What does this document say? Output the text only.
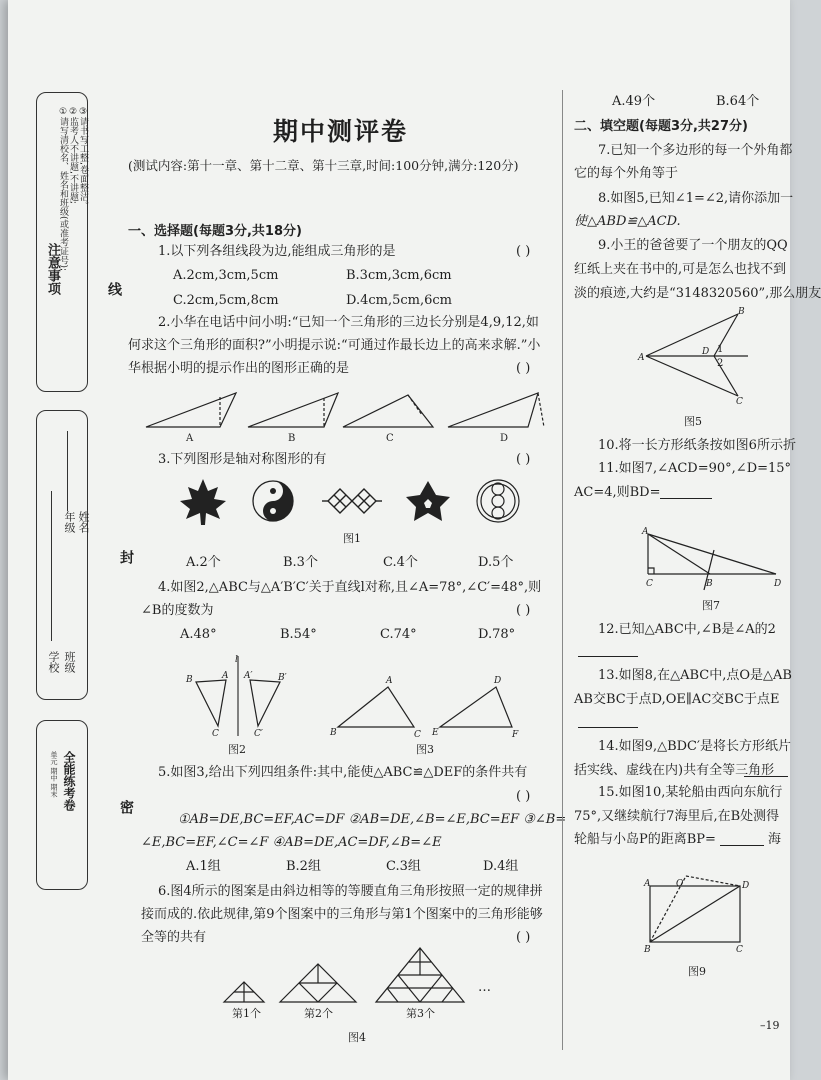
注意事项
①请写清校名、姓名和班级(或准考证号); ②监考人不讲题,不讲题; ③请书写工整,卷面整洁。
学校 班级
年级 姓名
线
封
密
全能练考卷
单元 期中 期末
期中测评卷
(测试内容:第十一章、第十二章、第十三章,时间:100分钟,满分:120分)
一、选择题(每题3分,共18分)
1.以下列各组线段为边,能组成三角形的是	( )
A.2cm,3cm,5cm	B.3cm,3cm,6cm
C.2cm,5cm,8cm	D.4cm,5cm,6cm
2.小华在电话中问小明:“已知一个三角形的三边长分别是4,9,12,如
何求这个三角形的面积?”小明提示说:“可通过作最长边上的高来求解.”小
华根据小明的提示作出的图形正确的是	( )
A	B	C	D
3.下列图形是轴对称图形的有	( )
图1
A.2个	B.3个	C.4个	D.5个
4.如图2,△ABC与△A′B′C′关于直线l对称,且∠A=78°,∠C′=48°,则
∠B的度数为	( )
A.48°	B.54°	C.74°	D.78°
l
B	A
C
A′	B′
C′
图2
B
A
C E
D
F
图3
5.如图3,给出下列四组条件:其中,能使△ABC≌△DEF的条件共有
( )
①AB=DE,BC=EF,AC=DF ②AB=DE,∠B=∠E,BC=EF ③∠B=
∠E,BC=EF,∠C=∠F ④AB=DE,AC=DF,∠B=∠E
A.1组	B.2组	C.3组	D.4组
6.图4所示的图案是由斜边相等的等腰直角三角形按照一定的规律拼
接而成的.依此规律,第9个图案中的三角形与第1个图案中的三角形能够
全等的共有	( )
第1个	第2个	第3个
…
图4
A.49个	B.64个
二、填空题(每题3分,共27分)
7.已知一个多边形的每一个外角都
它的每个外角等于
8.如图5,已知∠1=∠2,请你添加一
使△ABD≌△ACD.
9.小王的爸爸要了一个朋友的QQ
红纸上夹在书中的,可是怎么也找不到
淡的痕迹,大约是“3148320560”,那么朋友
A
B
C
D 1
2
图5
10.将一长方形纸条按如图6所示折
11.如图7,∠ACD=90°,∠D=15°
AC=4,则BD=
A
C	B	D
图7
12.已知△ABC中,∠B是∠A的2
13.如图8,在△ABC中,点O是△AB
AB交BC于点D,OE∥AC交BC于点E
14.如图9,△BDC′是将长方形纸片
括实线、虚线在内)共有全等三角形
15.如图10,某轮船由西向东航行
75°,又继续航行7海里后,在B处测得
轮船与小岛P的距离BP=	海
A	O	D
B	C
图9
–19
